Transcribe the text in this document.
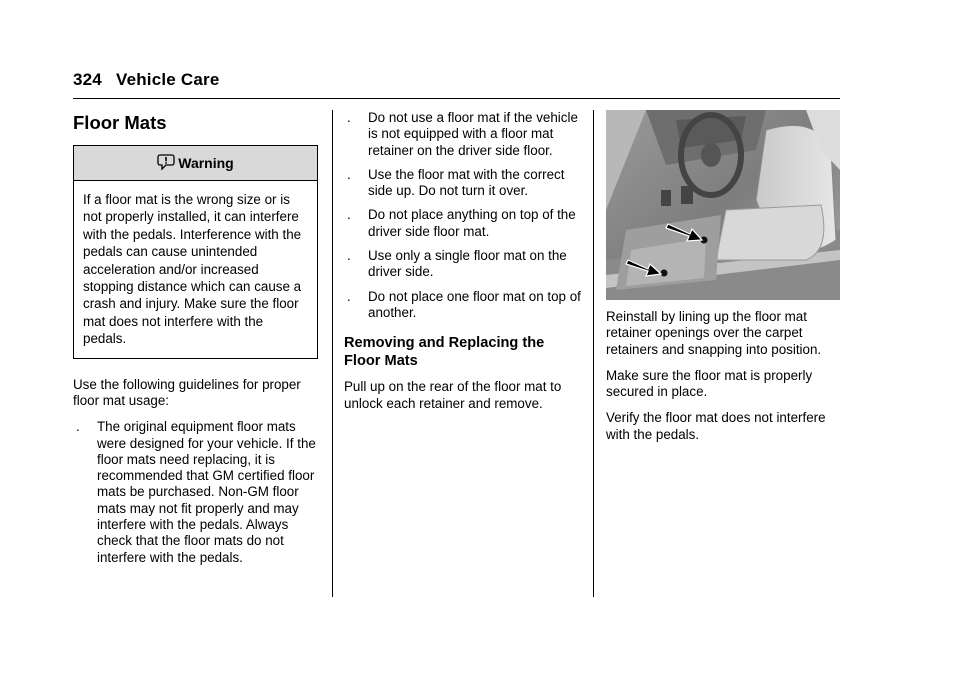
324 Vehicle Care
Floor Mats
Warning
If a floor mat is the wrong size or is not properly installed, it can interfere with the pedals. Interference with the pedals can cause unintended acceleration and/or increased stopping distance which can cause a crash and injury. Make sure the floor mat does not interfere with the pedals.

Use the following guidelines for proper floor mat usage:

. The original equipment floor mats were designed for your vehicle. If the floor mats need replacing, it is recommended that GM certified floor mats be purchased. Non-GM floor mats may not fit properly and may interfere with the pedals. Always check that the floor mats do not interfere with the pedals.
. Do not use a floor mat if the vehicle is not equipped with a floor mat retainer on the driver side floor.
. Use the floor mat with the correct side up. Do not turn it over.
. Do not place anything on top of the driver side floor mat.
. Use only a single floor mat on the driver side.
. Do not place one floor mat on top of another.
Removing and Replacing the Floor Mats

Pull up on the rear of the floor mat to unlock each retainer and remove.

Reinstall by lining up the floor mat retainer openings over the carpet retainers and snapping into position.

Make sure the floor mat is properly secured in place.

Verify the floor mat does not interfere with the pedals.
